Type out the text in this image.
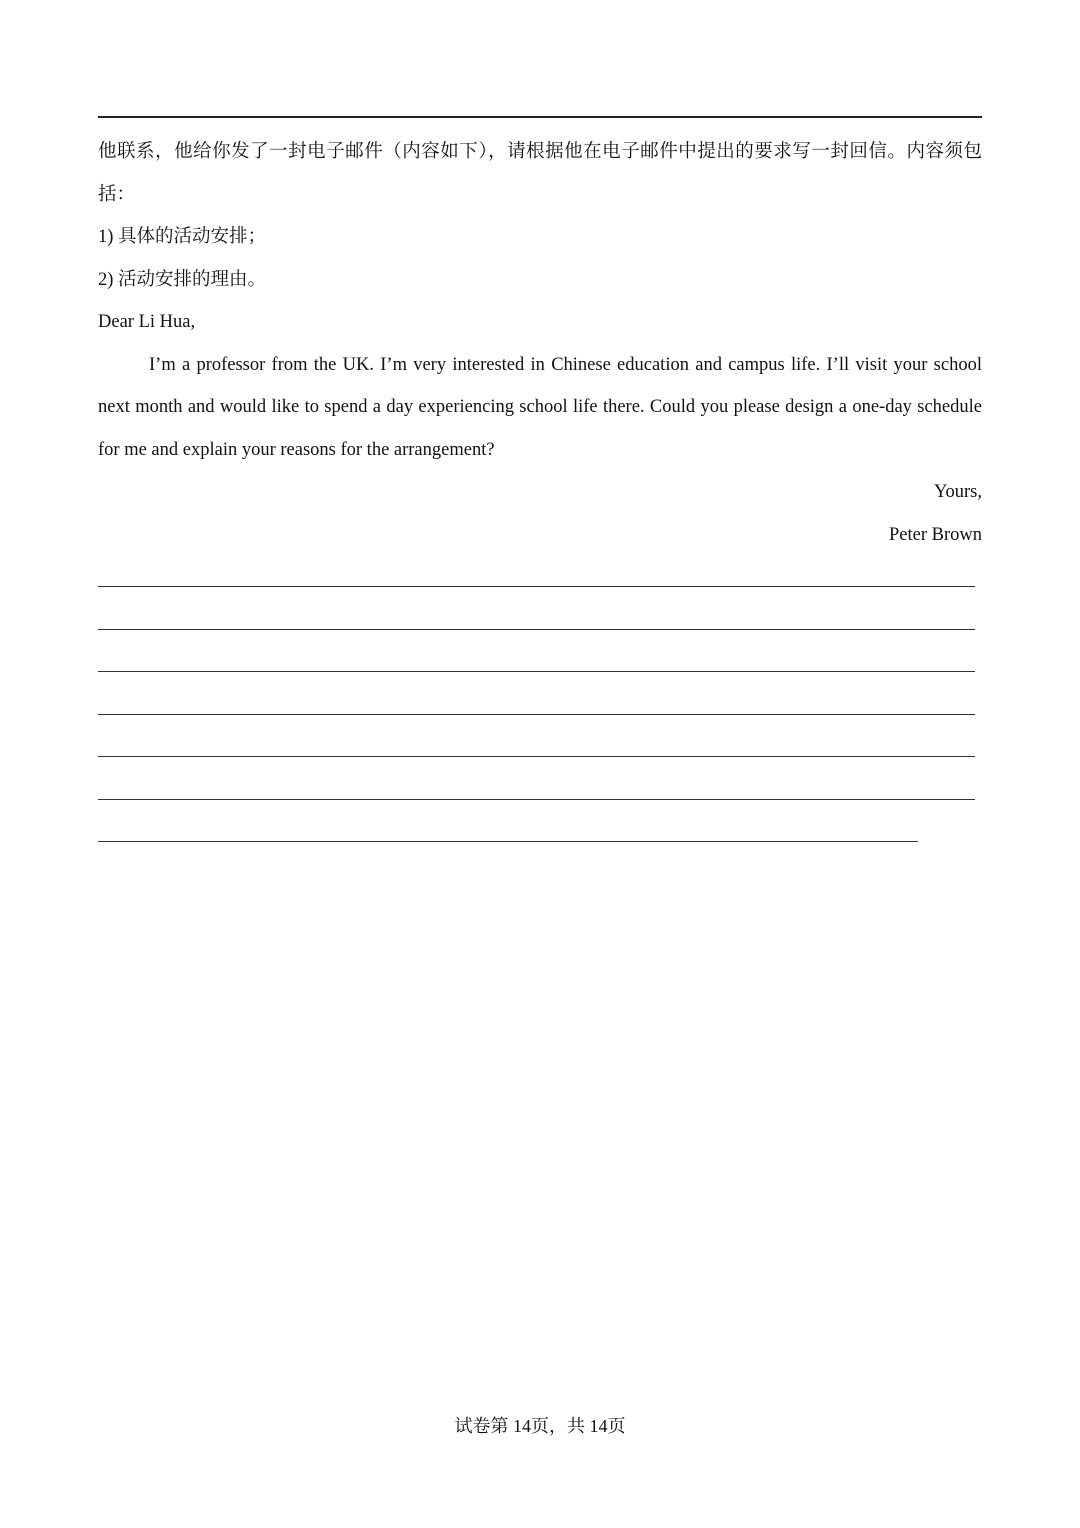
他联系，他给你发了一封电子邮件（内容如下），请根据他在电子邮件中提出的要求写一封回信。内容须包括：

1) 具体的活动安排；

2) 活动安排的理由。

Dear Li Hua,

I’m a professor from the UK. I’m very interested in Chinese education and campus life. I’ll visit your school next month and would like to spend a day experiencing school life there. Could you please design a one-day schedule for me and explain your reasons for the arrangement?

Yours,

Peter Brown

试卷第 14页，共 14页
